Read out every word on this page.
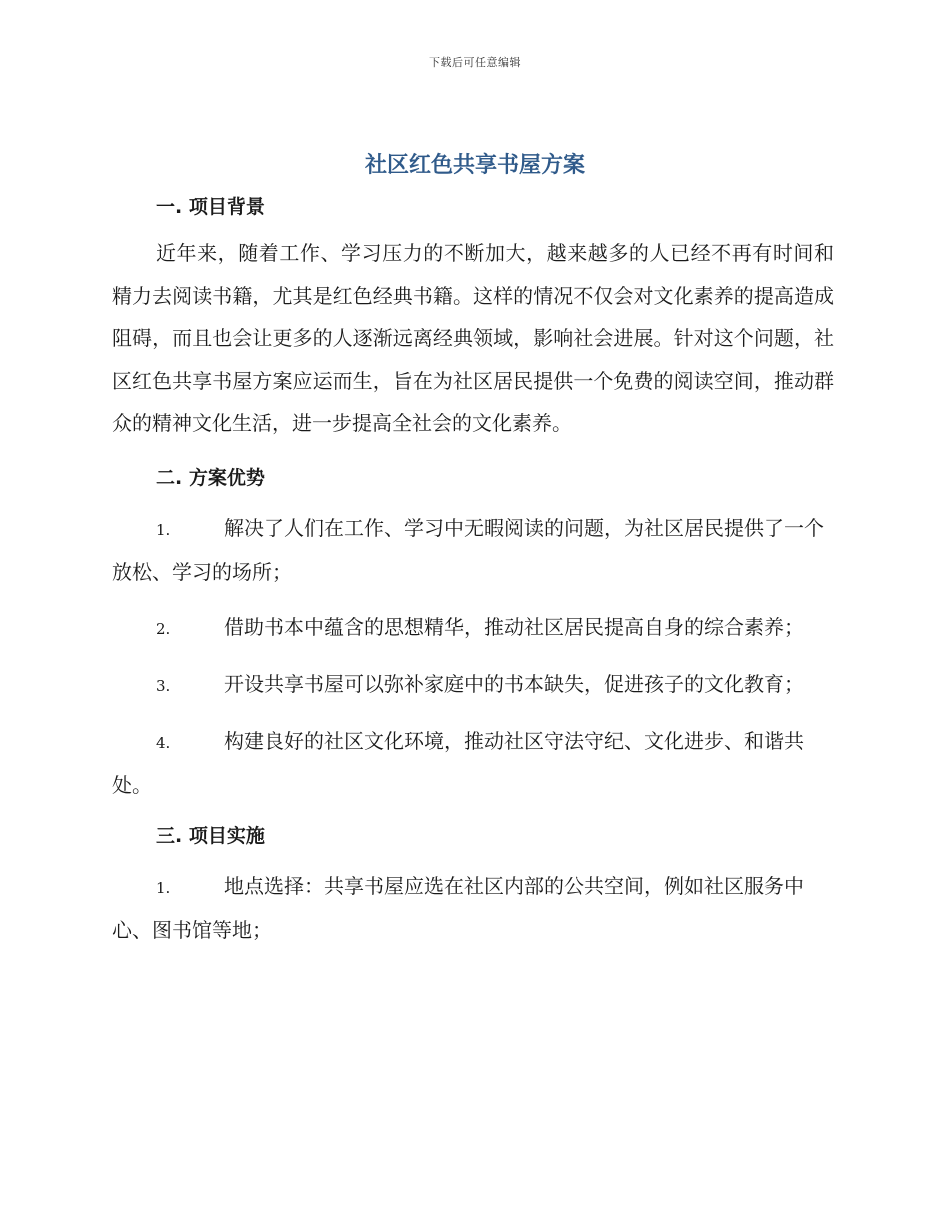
下载后可任意编辑
社区红色共享书屋方案
一. 项目背景

近年来，随着工作、学习压力的不断加大，越来越多的人已经不再有时间和精力去阅读书籍，尤其是红色经典书籍。这样的情况不仅会对文化素养的提高造成阻碍，而且也会让更多的人逐渐远离经典领域，影响社会进展。针对这个问题，社区红色共享书屋方案应运而生，旨在为社区居民提供一个免费的阅读空间，推动群众的精神文化生活，进一步提高全社会的文化素养。

二. 方案优势
1.	解决了人们在工作、学习中无暇阅读的问题，为社区居民提供了一个放松、学习的场所；
2.	借助书本中蕴含的思想精华，推动社区居民提高自身的综合素养；
3.	开设共享书屋可以弥补家庭中的书本缺失，促进孩子的文化教育；
4.	构建良好的社区文化环境，推动社区守法守纪、文化进步、和谐共处。
三. 项目实施
1.	地点选择：共享书屋应选在社区内部的公共空间，例如社区服务中心、图书馆等地；
